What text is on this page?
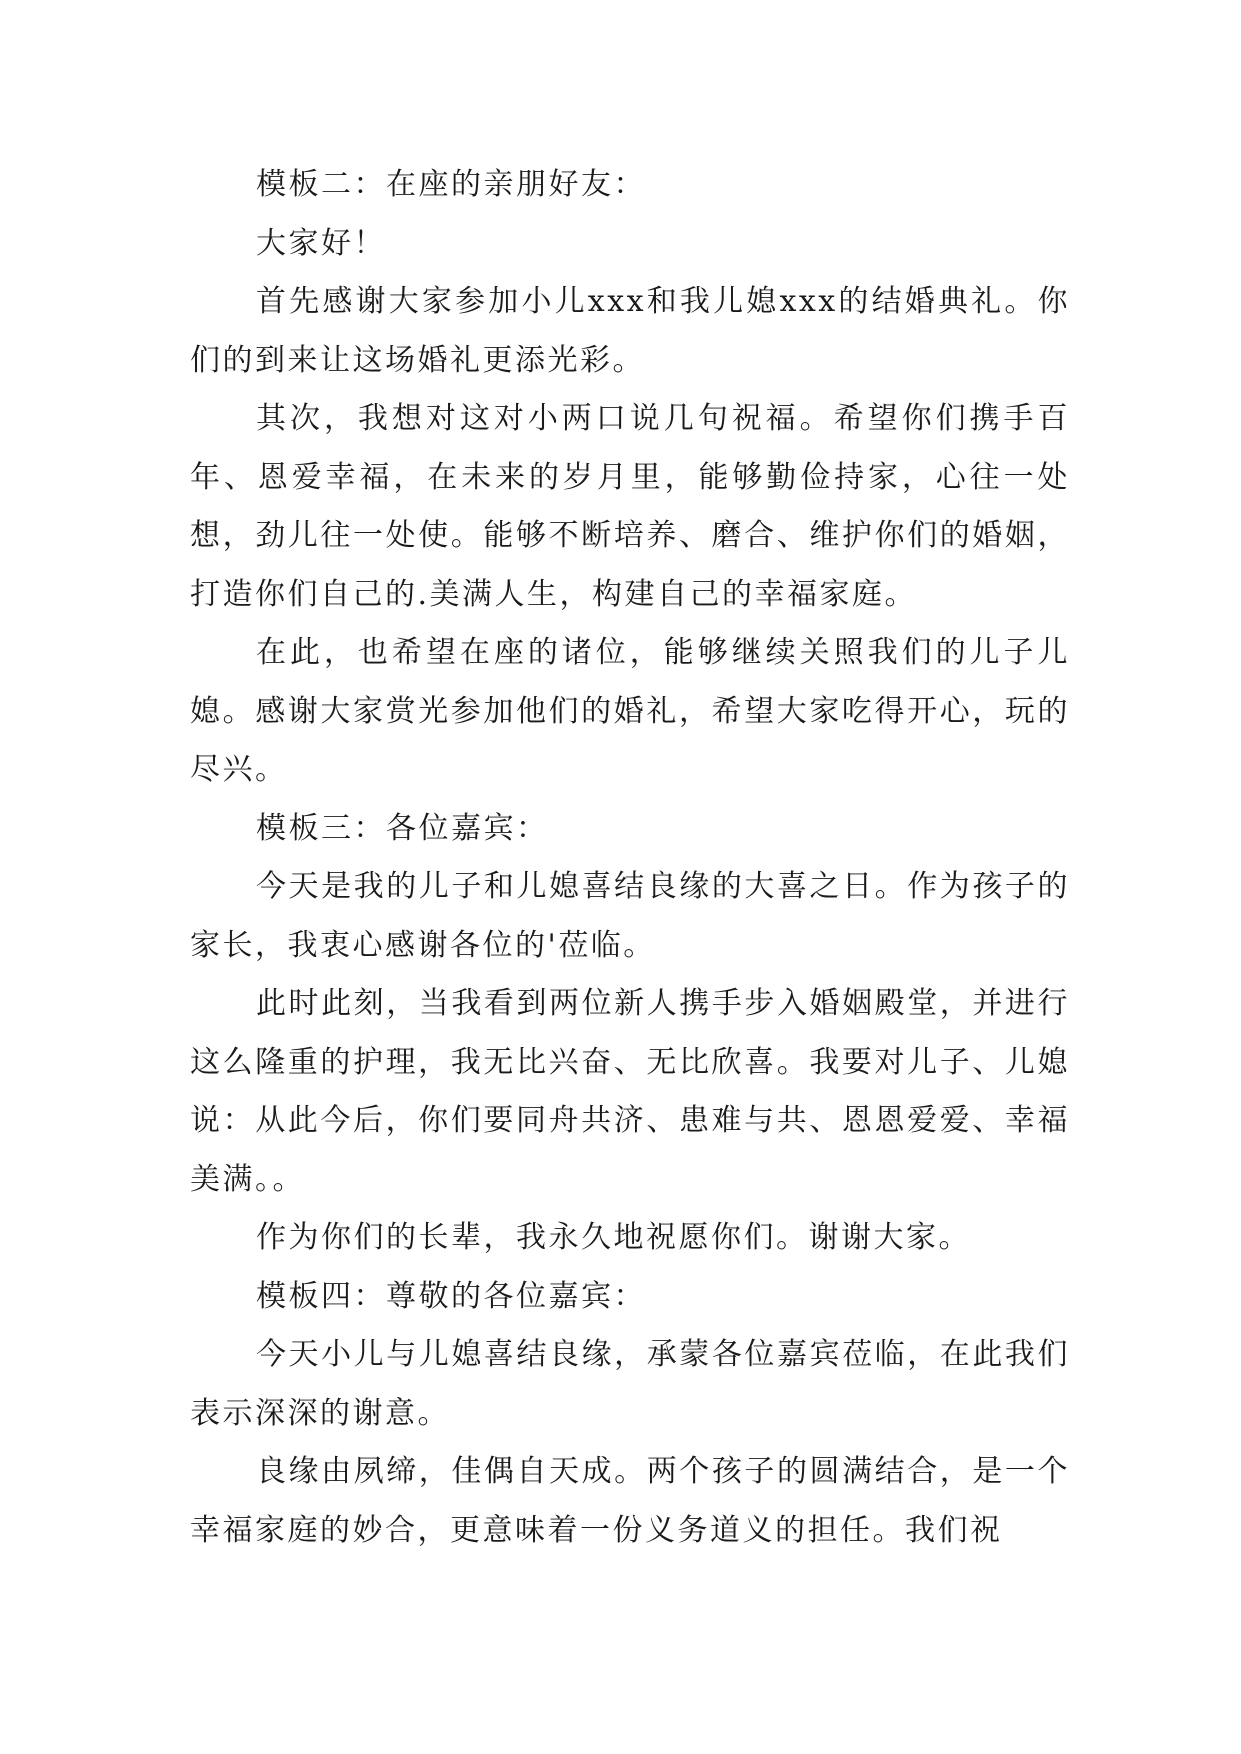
模板二：在座的亲朋好友：

大家好！

首先感谢大家参加小儿xxx和我儿媳xxx的结婚典礼。你们的到来让这场婚礼更添光彩。

其次，我想对这对小两口说几句祝福。希望你们携手百年、恩爱幸福，在未来的岁月里，能够勤俭持家，心往一处想，劲儿往一处使。能够不断培养、磨合、维护你们的婚姻，打造你们自己的.美满人生，构建自己的幸福家庭。

在此，也希望在座的诸位，能够继续关照我们的儿子儿媳。感谢大家赏光参加他们的婚礼，希望大家吃得开心，玩的尽兴。

模板三：各位嘉宾：

今天是我的儿子和儿媳喜结良缘的大喜之日。作为孩子的家长，我衷心感谢各位的'莅临。

此时此刻，当我看到两位新人携手步入婚姻殿堂，并进行这么隆重的护理，我无比兴奋、无比欣喜。我要对儿子、儿媳说：从此今后，你们要同舟共济、患难与共、恩恩爱爱、幸福美满。。

作为你们的长辈，我永久地祝愿你们。谢谢大家。

模板四：尊敬的各位嘉宾：

今天小儿与儿媳喜结良缘，承蒙各位嘉宾莅临，在此我们表示深深的谢意。

良缘由夙缔，佳偶自天成。两个孩子的圆满结合，是一个幸福家庭的妙合，更意味着一份义务道义的担任。我们祝
